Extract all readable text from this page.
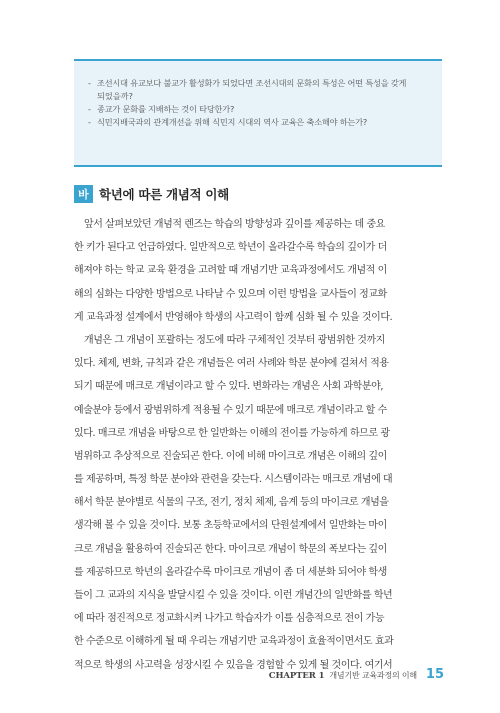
- 조선시대 유교보다 불교가 활성화가 되었다면 조선시대의 문화의 특성은 어떤 특성을 갖게
되었을까?
- 종교가 문화를 지배하는 것이 타당한가?
- 식민지배국과의 관계개선을 위해 식민지 시대의 역사 교육은 축소해야 하는가?
바 학년에 따른 개념적 이해

앞서 살펴보았던 개념적 렌즈는 학습의 방향성과 깊이를 제공하는 데 중요
한 키가 된다고 언급하였다. 일반적으로 학년이 올라갈수록 학습의 깊이가 더
해져야 하는 학교 교육 환경을 고려할 때 개념기반 교육과정에서도 개념적 이
해의 심화는 다양한 방법으로 나타날 수 있으며 이런 방법을 교사들이 정교화
게 교육과정 설계에서 반영해야 학생의 사고력이 함께 심화 될 수 있을 것이다.

개념은 그 개념이 포괄하는 정도에 따라 구체적인 것부터 광범위한 것까지
있다. 체제, 변화, 규칙과 같은 개념들은 여러 사례와 학문 분야에 걸쳐서 적용
되기 때문에 매크로 개념이라고 할 수 있다. 변화라는 개념은 사회 과학분야,
예술분야 등에서 광범위하게 적용될 수 있기 때문에 매크로 개념이라고 할 수
있다. 매크로 개념을 바탕으로 한 일반화는 이해의 전이를 가능하게 하므로 광
범위하고 추상적으로 진술되곤 한다. 이에 비해 마이크로 개념은 이해의 깊이
를 제공하며, 특정 학문 분야와 관련을 갖는다. 시스템이라는 매크로 개념에 대
해서 학문 분야별로 식물의 구조, 전기, 정치 체제, 음계 등의 마이크로 개념을
생각해 볼 수 있을 것이다. 보통 초등학교에서의 단원설계에서 일반화는 마이
크로 개념을 활용하여 진술되곤 한다. 마이크로 개념이 학문의 폭보다는 깊이
를 제공하므로 학년의 올라갈수록 마이크로 개념이 좀 더 세분화 되어야 학생
들이 그 교과의 지식을 발달시킬 수 있을 것이다. 이런 개념간의 일반화를 학년
에 따라 점진적으로 정교화시켜 나가고 학습자가 이를 심층적으로 전이 가능
한 수준으로 이해하게 될 때 우리는 개념기반 교육과정이 효율적이면서도 효과
적으로 학생의 사고력을 성장시킬 수 있음을 경험할 수 있게 될 것이다. 여기서

CHAPTER 1 개념기반 교육과정의 이해 15
